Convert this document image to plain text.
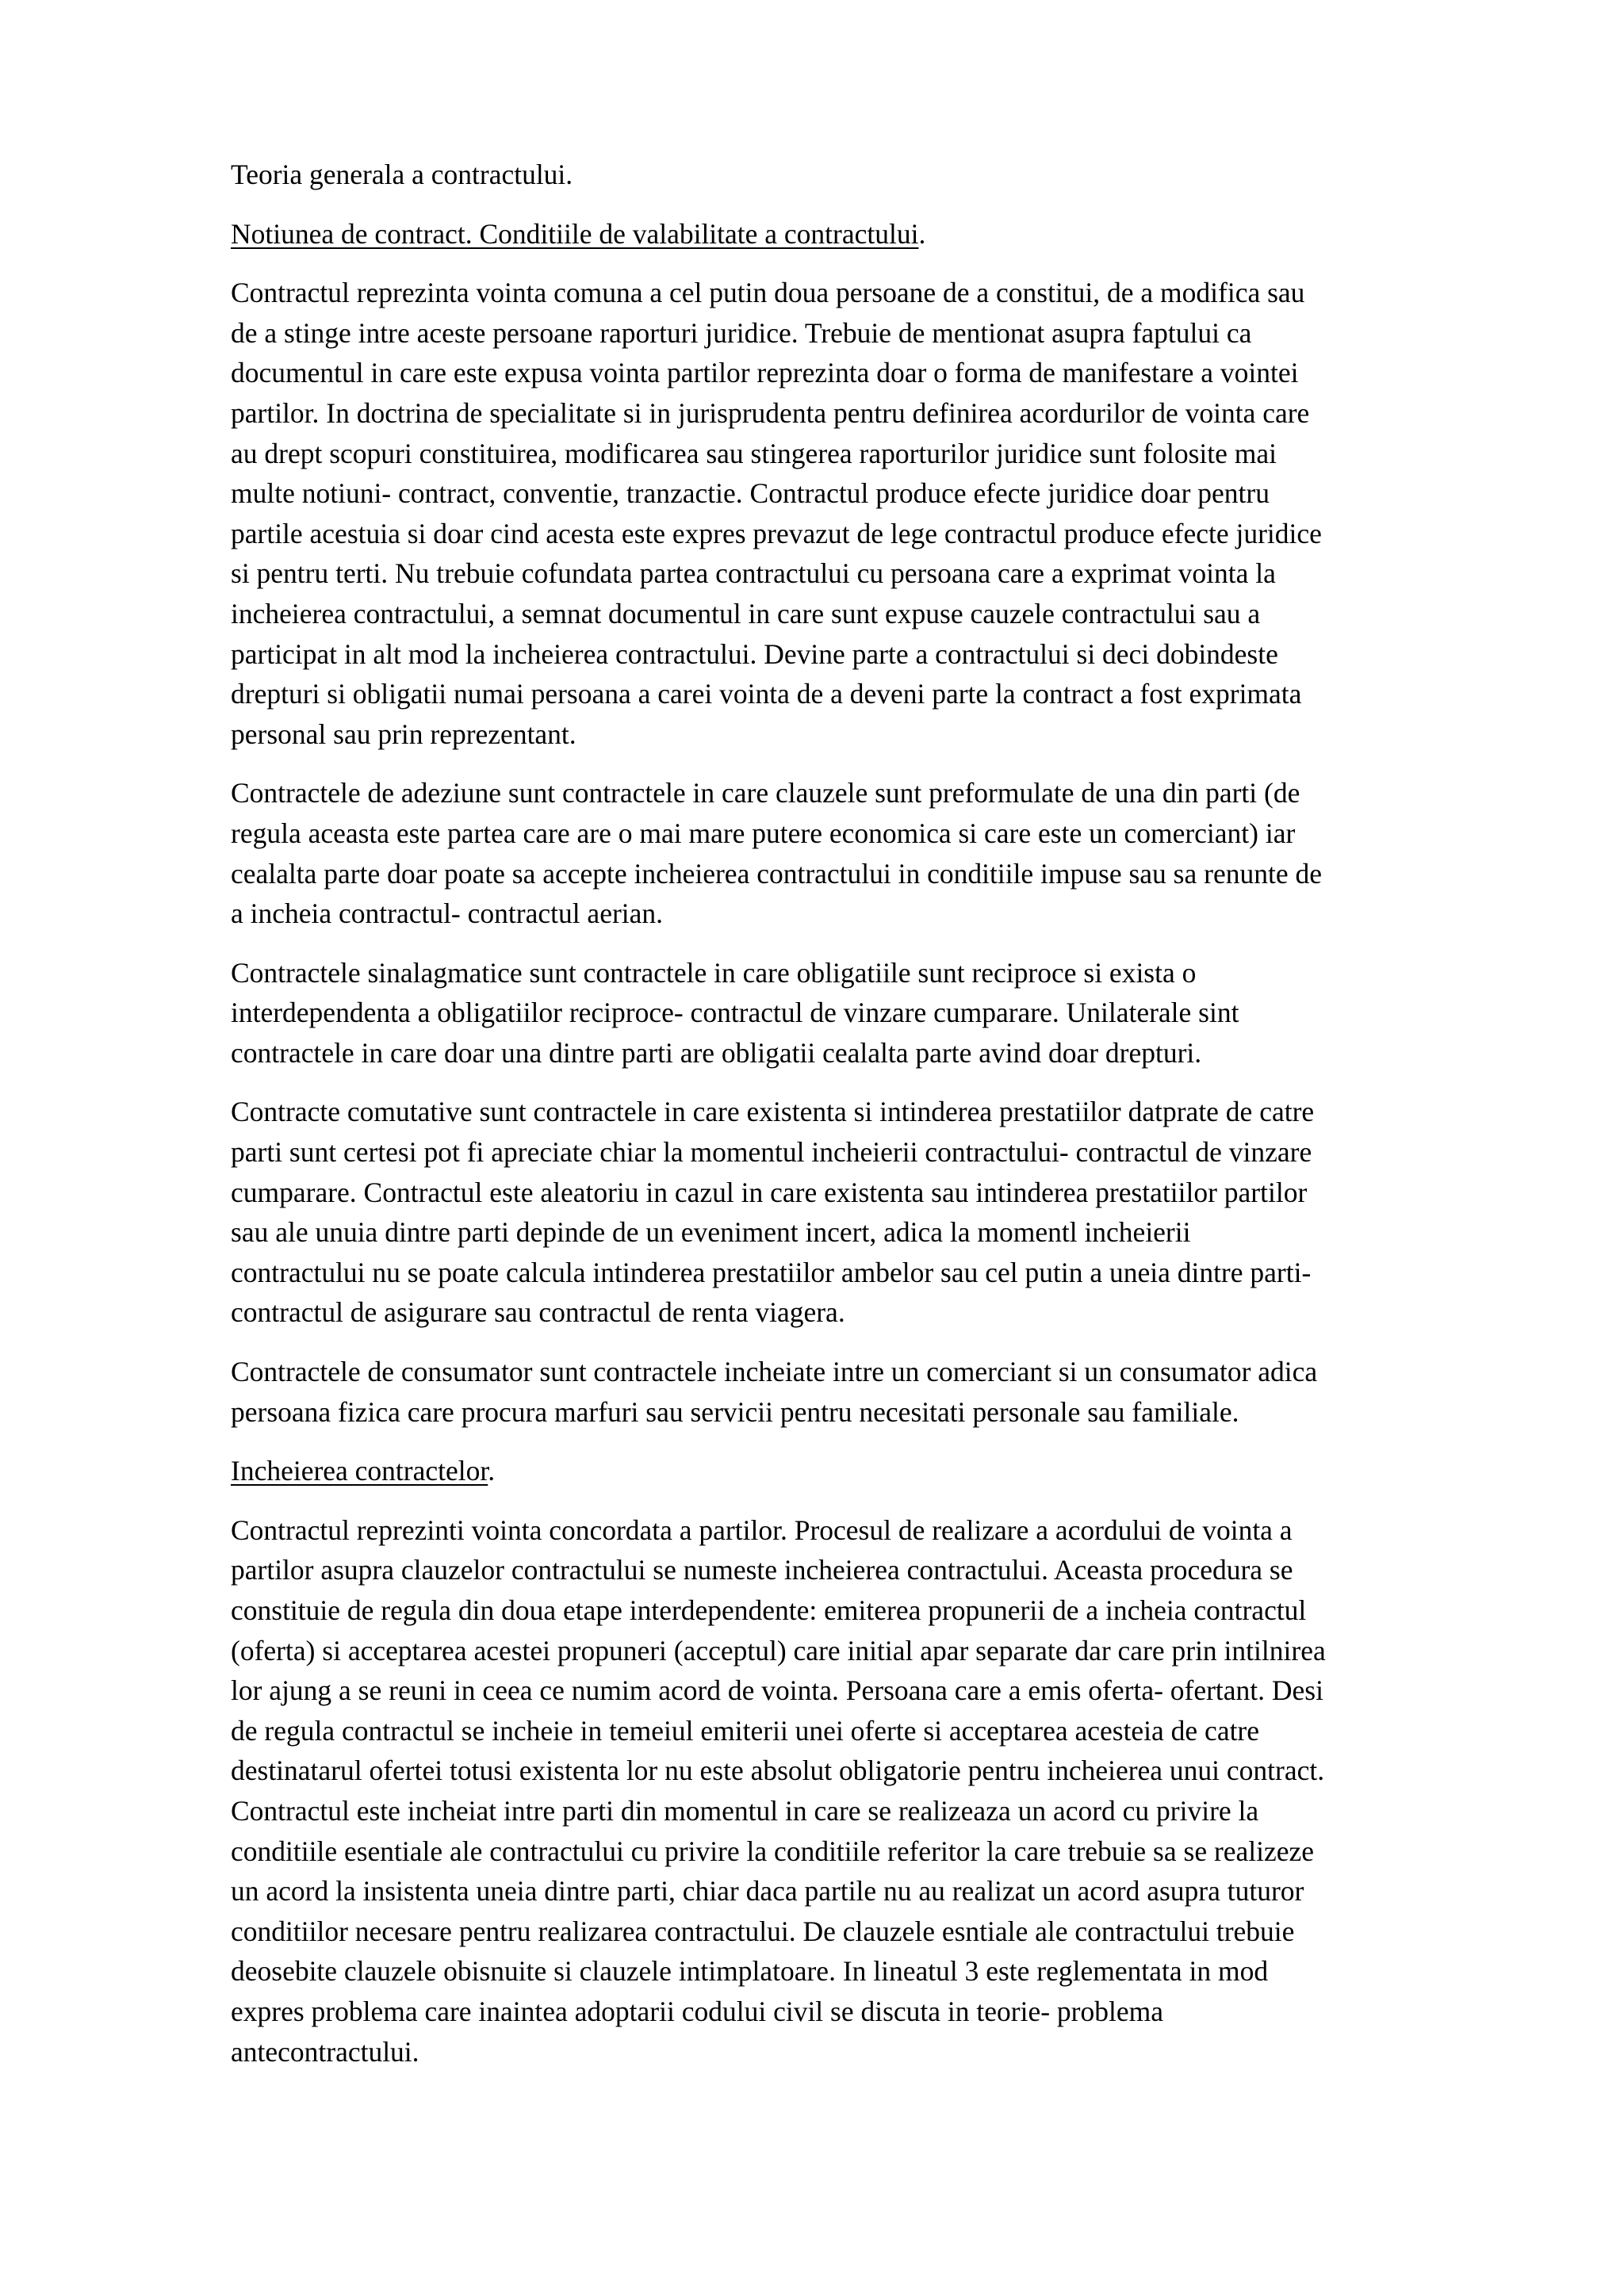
Teoria generala a contractului.
Notiunea de contract. Conditiile de valabilitate a contractului.
Contractul reprezinta vointa comuna a cel putin doua persoane de a constitui, de a modifica sau
de a stinge intre aceste persoane raporturi juridice. Trebuie de mentionat asupra faptului ca
documentul in care este expusa vointa partilor reprezinta doar o forma de manifestare a vointei
partilor. In doctrina de specialitate si in jurisprudenta pentru definirea acordurilor de vointa care
au drept scopuri constituirea, modificarea sau stingerea raporturilor juridice sunt folosite mai
multe notiuni- contract, conventie, tranzactie. Contractul produce efecte juridice doar pentru
partile acestuia si doar cind acesta este expres prevazut de lege contractul produce efecte juridice
si pentru terti. Nu trebuie cofundata partea contractului cu persoana care a exprimat vointa la
incheierea contractului, a semnat documentul in care sunt expuse cauzele contractului sau a
participat in alt mod la incheierea contractului. Devine parte a contractului si deci dobindeste
drepturi si obligatii numai persoana a carei vointa de a deveni parte la contract a fost exprimata
personal sau prin reprezentant.
Contractele de adeziune sunt contractele in care clauzele sunt preformulate de una din parti (de
regula aceasta este partea care are o mai mare putere economica si care este un comerciant) iar
cealalta parte doar poate sa accepte incheierea contractului in conditiile impuse sau sa renunte de
a incheia contractul- contractul aerian.
Contractele sinalagmatice sunt contractele in care obligatiile sunt reciproce si exista o
interdependenta a obligatiilor reciproce- contractul de vinzare cumparare. Unilaterale sint
contractele in care doar una dintre parti are obligatii cealalta parte avind doar drepturi.
Contracte comutative sunt contractele in care existenta si intinderea prestatiilor datprate de catre
parti sunt certesi pot fi apreciate chiar la momentul incheierii contractului- contractul de vinzare
cumparare. Contractul este aleatoriu in cazul in care existenta sau intinderea prestatiilor partilor
sau ale unuia dintre parti depinde de un eveniment incert, adica la momentl incheierii
contractului nu se poate calcula intinderea prestatiilor ambelor sau cel putin a uneia dintre parti-
contractul de asigurare sau contractul de renta viagera.
Contractele de consumator sunt contractele incheiate intre un comerciant si un consumator adica
persoana fizica care procura marfuri sau servicii pentru necesitati personale sau familiale.
Incheierea contractelor.
Contractul reprezinti vointa concordata a partilor. Procesul de realizare a acordului de vointa a
partilor asupra clauzelor contractului se numeste incheierea contractului. Aceasta procedura se
constituie de regula din doua etape interdependente: emiterea propunerii de a incheia contractul
(oferta) si acceptarea acestei propuneri (acceptul) care initial apar separate dar care prin intilnirea
lor ajung a se reuni in ceea ce numim acord de vointa. Persoana care a emis oferta- ofertant. Desi
de regula contractul se incheie in temeiul emiterii unei oferte si acceptarea acesteia de catre
destinatarul ofertei totusi existenta lor nu este absolut obligatorie pentru incheierea unui contract.
Contractul este incheiat intre parti din momentul in care se realizeaza un acord cu privire la
conditiile esentiale ale contractului cu privire la conditiile referitor la care trebuie sa se realizeze
un acord la insistenta uneia dintre parti, chiar daca partile nu au realizat un acord asupra tuturor
conditiilor necesare pentru realizarea contractului. De clauzele esntiale ale contractului trebuie
deosebite clauzele obisnuite si clauzele intimplatoare. In lineatul 3 este reglementata in mod
expres problema care inaintea adoptarii codului civil se discuta in teorie- problema
antecontractului.
